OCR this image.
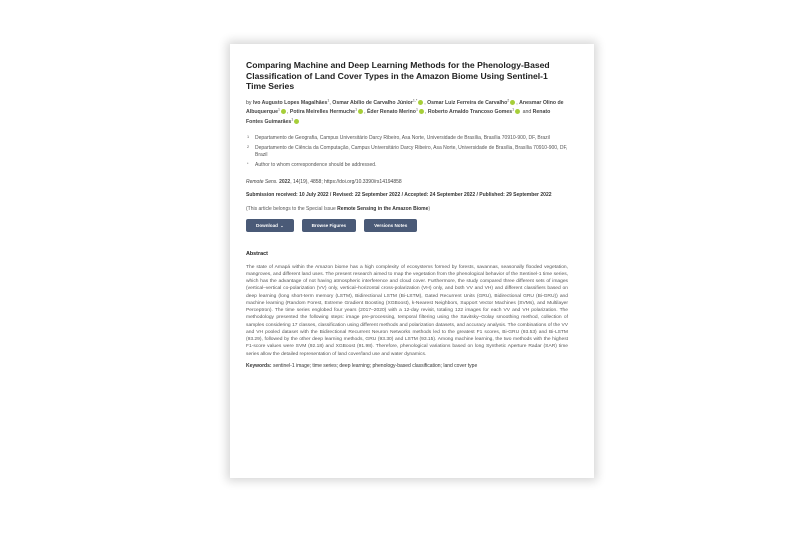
Comparing Machine and Deep Learning Methods for the Phenology-Based Classification of Land Cover Types in the Amazon Biome Using Sentinel-1 Time Series
by Ivo Augusto Lopes Magalhães$^1$, Osmar Abílio de Carvalho Júnior$^{1,*}$ , Osmar Luiz Ferreira de Carvalho$^2$ , Anesmar Olino de Albuquerque$^1$ , Potira Meirelles Hermuche$^1$ , Éder Renato Merino$^1$ , Roberto Arnaldo Trancoso Gomes$^1$ and Renato Fontes Guimarães$^1$
1 Departamento de Geografia, Campus Universitário Darcy Ribeiro, Asa Norte, Universidade de Brasília, Brasília 70910-900, DF, Brazil
2 Departamento de Ciência da Computação, Campus Universitário Darcy Ribeiro, Asa Norte, Universidade de Brasília, Brasília 70910-900, DF, Brazil
* Author to whom correspondence should be addressed.
Remote Sens. 2022, 14(19), 4858; https://doi.org/10.3390/rs14194858
Submission received: 10 July 2022 / Revised: 22 September 2022 / Accepted: 24 September 2022 / Published: 29 September 2022
(This article belongs to the Special Issue Remote Sensing in the Amazon Biome)
Download ⌄	Browse Figures	Versions Notes
Abstract
The state of Amapá within the Amazon biome has a high complexity of ecosystems formed by forests, savannas, seasonally flooded vegetation, mangroves, and different land uses. The present research aimed to map the vegetation from the phenological behavior of the Sentinel-1 time series, which has the advantage of not having atmospheric interference and cloud cover. Furthermore, the study compared three different sets of images (vertical–vertical co-polarization (VV) only, vertical–horizontal cross-polarization (VH) only, and both VV and VH) and different classifiers based on deep learning (long short-term memory (LSTM), Bidirectional LSTM (Bi-LSTM), Gated Recurrent Units (GRU), Bidirectional GRU (Bi-GRU)) and machine learning (Random Forest, Extreme Gradient Boosting (XGBoost), k-Nearest Neighbors, Support Vector Machines (SVMs), and Multilayer Perceptron). The time series englobed four years (2017–2020) with a 12-day revisit, totaling 122 images for each VV and VH polarization. The methodology presented the following steps: image pre-processing, temporal filtering using the Savitsky–Golay smoothing method, collection of samples considering 17 classes, classification using different methods and polarization datasets, and accuracy analysis. The combinations of the VV and VH pooled dataset with the Bidirectional Recurrent Neuron Networks methods led to the greatest F1 scores, Bi-GRU (93.53) and Bi-LSTM (93.29), followed by the other deep learning methods, GRU (93.30) and LSTM (93.15). Among machine learning, the two methods with the highest F1-score values were SVM (92.18) and XGBoost (91.98). Therefore, phenological variations based on long Synthetic Aperture Radar (SAR) time series allow the detailed representation of land cover/land use and water dynamics.
Keywords: sentinel-1 image; time series; deep learning; phenology-based classification; land cover type
